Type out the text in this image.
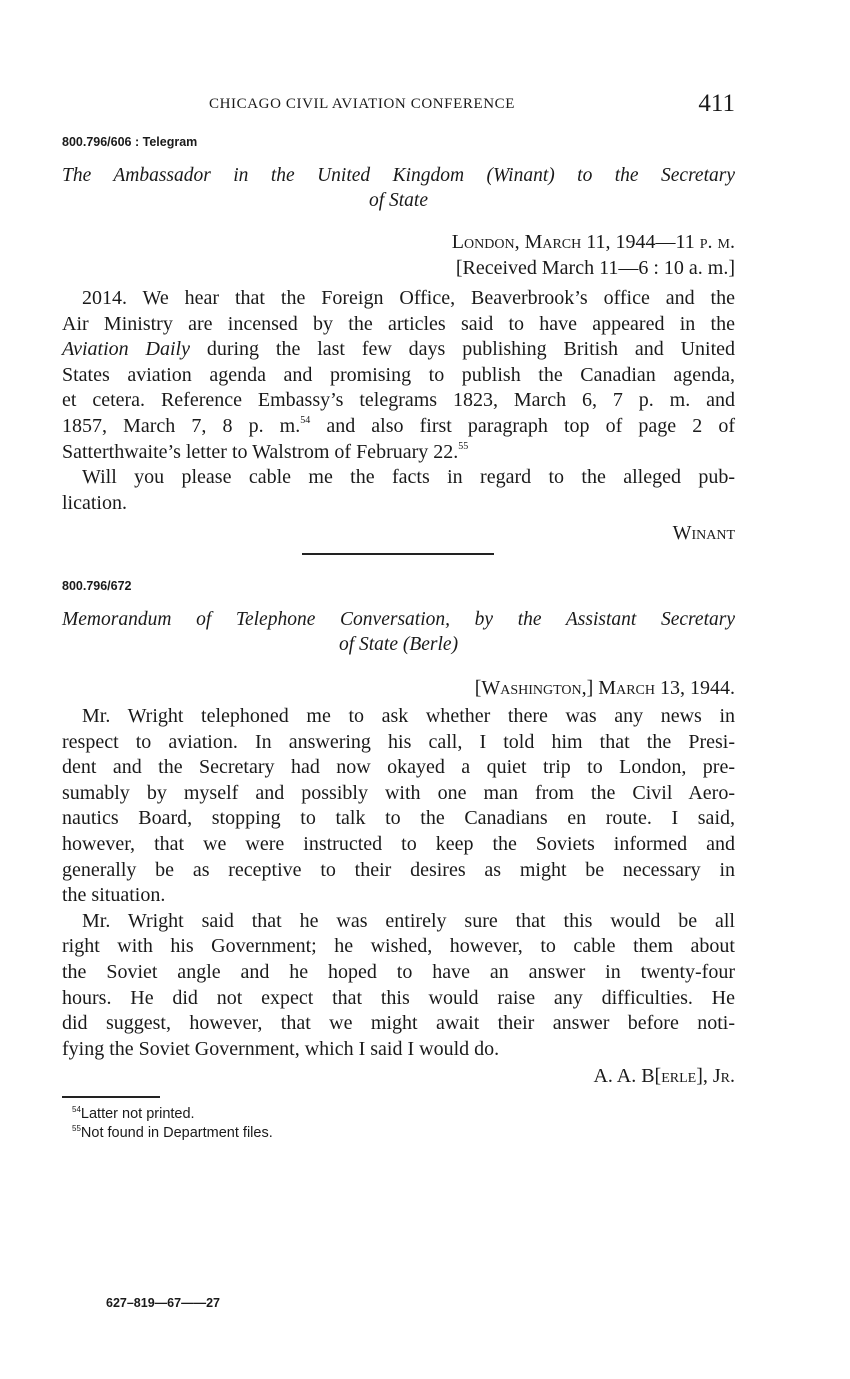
CHICAGO CIVIL AVIATION CONFERENCE	411
800.796/606 : Telegram
The Ambassador in the United Kingdom (Winant) to the Secretary
of State
London, March 11, 1944—11 p. m.
[Received March 11—6 : 10 a. m.]

2014. We hear that the Foreign Office, Beaverbrook’s office and the
Air Ministry are incensed by the articles said to have appeared in the
Aviation Daily during the last few days publishing British and United
States aviation agenda and promising to publish the Canadian agenda,
et cetera. Reference Embassy’s telegrams 1823, March 6, 7 p. m. and
1857, March 7, 8 p. m.$^{54}$ and also first paragraph top of page 2 of
Satterthwaite’s letter to Walstrom of February 22.55

Will you please cable me the facts in regard to the alleged pub-
lication.

Winant
800.796/672
Memorandum of Telephone Conversation, by the Assistant Secretary
of State (Berle)
[Washington,] March 13, 1944.

Mr. Wright telephoned me to ask whether there was any news in
respect to aviation. In answering his call, I told him that the Presi-
dent and the Secretary had now okayed a quiet trip to London, pre-
sumably by myself and possibly with one man from the Civil Aero-
nautics Board, stopping to talk to the Canadians en route. I said,
however, that we were instructed to keep the Soviets informed and
generally be as receptive to their desires as might be necessary in
the situation.

Mr. Wright said that he was entirely sure that this would be all
right with his Government; he wished, however, to cable them about
the Soviet angle and he hoped to have an answer in twenty-four
hours. He did not expect that this would raise any difficulties. He
did suggest, however, that we might await their answer before noti-
fying the Soviet Government, which I said I would do.

A. A. B[erle], Jr.
$^{54}$Latter not printed.
$^{55}$Not found in Department files.
627–819—67——27
